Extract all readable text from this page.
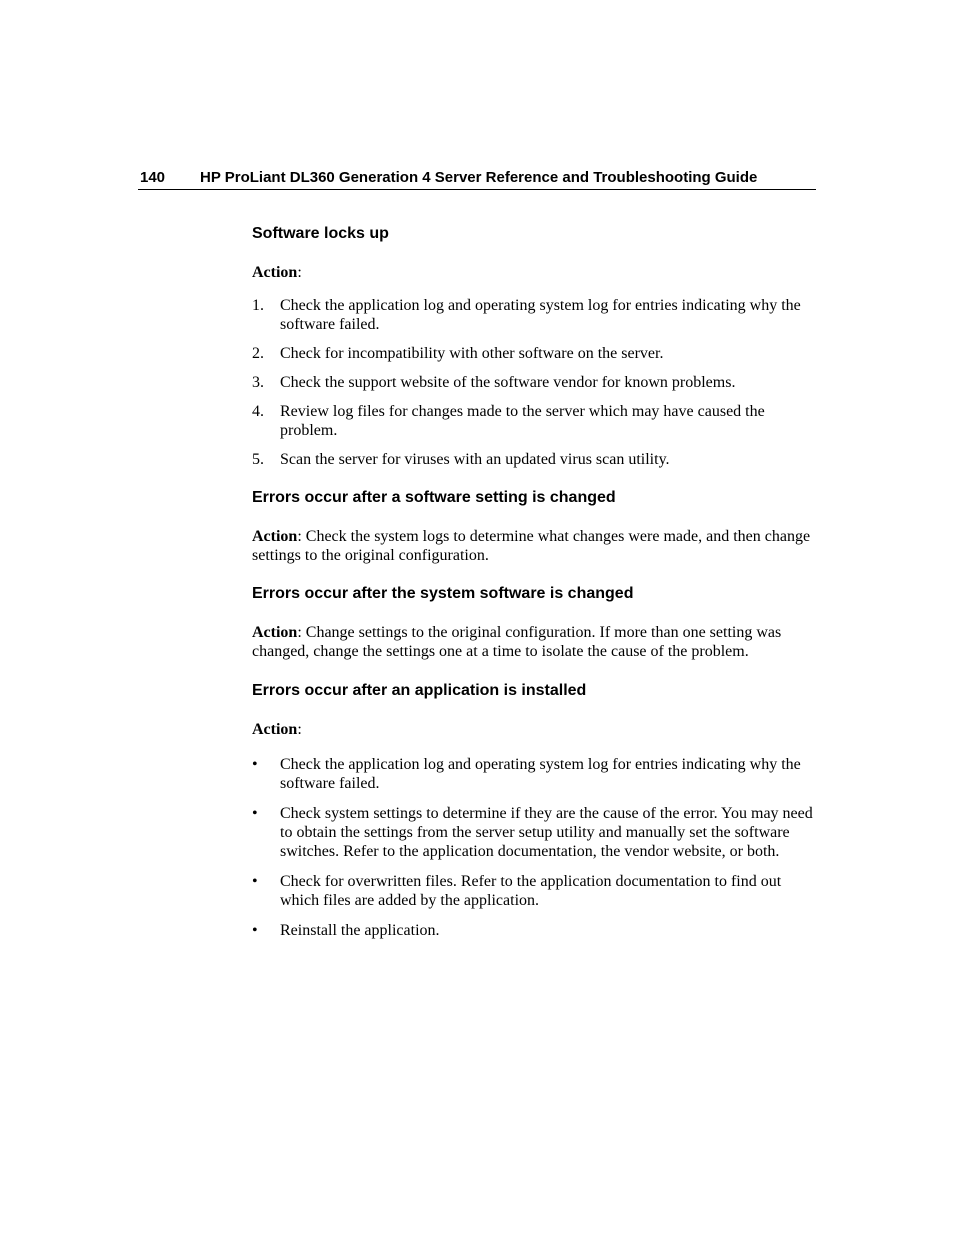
140 HP ProLiant DL360 Generation 4 Server Reference and Troubleshooting Guide
Software locks up

Action:

1. Check the application log and operating system log for entries indicating why the software failed.
2. Check for incompatibility with other software on the server.
3. Check the support website of the software vendor for known problems.
4. Review log files for changes made to the server which may have caused the problem.
5. Scan the server for viruses with an updated virus scan utility.
Errors occur after a software setting is changed

Action: Check the system logs to determine what changes were made, and then change settings to the original configuration.

Errors occur after the system software is changed

Action: Change settings to the original configuration. If more than one setting was changed, change the settings one at a time to isolate the cause of the problem.

Errors occur after an application is installed

Action:

• Check the application log and operating system log for entries indicating why the software failed.
• Check system settings to determine if they are the cause of the error. You may need to obtain the settings from the server setup utility and manually set the software switches. Refer to the application documentation, the vendor website, or both.
• Check for overwritten files. Refer to the application documentation to find out which files are added by the application.
• Reinstall the application.
